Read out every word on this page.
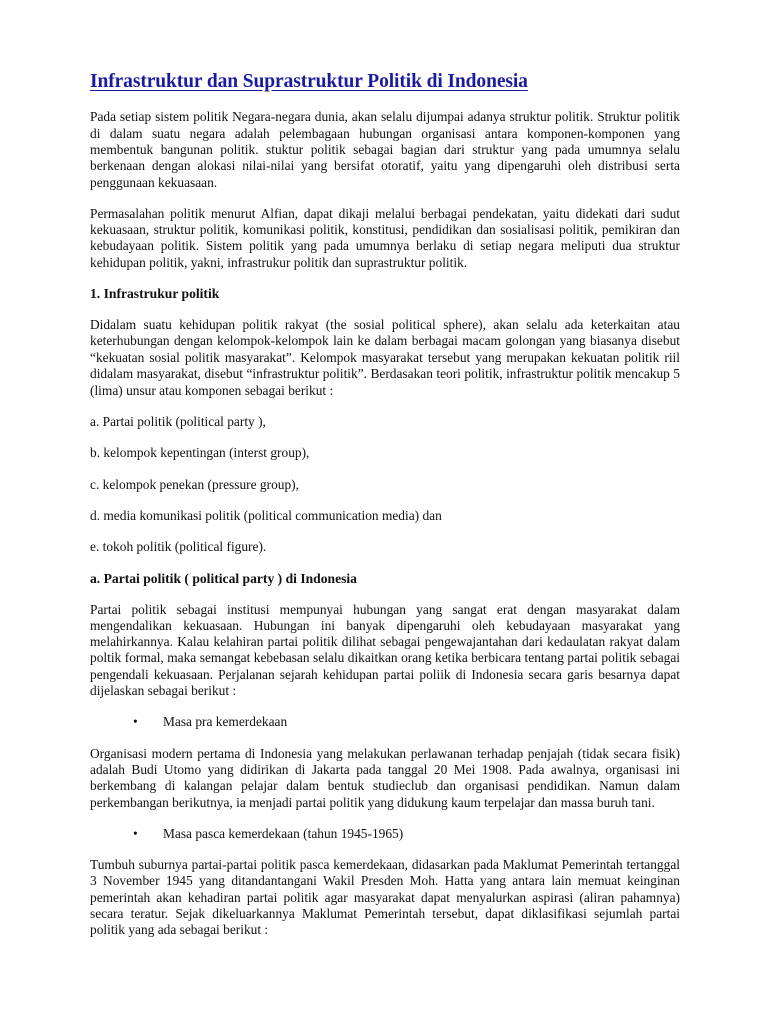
Infrastruktur dan Suprastruktur Politik di Indonesia

Pada setiap sistem politik Negara-negara dunia, akan selalu dijumpai adanya struktur politik. Struktur politik di dalam suatu negara adalah pelembagaan hubungan organisasi antara komponen-komponen yang membentuk bangunan politik. stuktur politik sebagai bagian dari struktur yang pada umumnya selalu berkenaan dengan alokasi nilai-nilai yang bersifat otoratif, yaitu yang dipengaruhi oleh distribusi serta penggunaan kekuasaan.

Permasalahan politik menurut Alfian, dapat dikaji melalui berbagai pendekatan, yaitu didekati dari sudut kekuasaan, struktur politik, komunikasi politik, konstitusi, pendidikan dan sosialisasi politik, pemikiran dan kebudayaan politik. Sistem politik yang pada umumnya berlaku di setiap negara meliputi dua struktur kehidupan politik, yakni, infrastrukur politik dan suprastruktur politik.

1. Infrastrukur politik

Didalam suatu kehidupan politik rakyat (the sosial political sphere), akan selalu ada keterkaitan atau keterhubungan dengan kelompok-kelompok lain ke dalam berbagai macam golongan yang biasanya disebut “kekuatan sosial politik masyarakat”. Kelompok masyarakat tersebut yang merupakan kekuatan politik riil didalam masyarakat, disebut “infrastruktur politik”. Berdasakan teori politik, infrastruktur politik mencakup 5 (lima) unsur atau komponen sebagai berikut :

a. Partai politik (political party ),

b. kelompok kepentingan (interst group),

c. kelompok penekan (pressure group),

d. media komunikasi politik (political communication media) dan

e. tokoh politik (political figure).

a. Partai politik ( political party ) di Indonesia

Partai politik sebagai institusi mempunyai hubungan yang sangat erat dengan masyarakat dalam mengendalikan kekuasaan. Hubungan ini banyak dipengaruhi oleh kebudayaan masyarakat yang melahirkannya. Kalau kelahiran partai politik dilihat sebagai pengewajantahan dari kedaulatan rakyat dalam poltik formal, maka semangat kebebasan selalu dikaitkan orang ketika berbicara tentang partai politik sebagai pengendali kekuasaan. Perjalanan sejarah kehidupan partai poliik di Indonesia secara garis besarnya dapat dijelaskan sebagai berikut :

• Masa pra kemerdekaan

Organisasi modern pertama di Indonesia yang melakukan perlawanan terhadap penjajah (tidak secara fisik) adalah Budi Utomo yang didirikan di Jakarta pada tanggal 20 Mei 1908. Pada awalnya, organisasi ini berkembang di kalangan pelajar dalam bentuk studieclub dan organisasi pendidikan. Namun dalam perkembangan berikutnya, ia menjadi partai politik yang didukung kaum terpelajar dan massa buruh tani.

• Masa pasca kemerdekaan (tahun 1945-1965)

Tumbuh suburnya partai-partai politik pasca kemerdekaan, didasarkan pada Maklumat Pemerintah tertanggal 3 November 1945 yang ditandantangani Wakil Presden Moh. Hatta yang antara lain memuat keinginan pemerintah akan kehadiran partai politik agar masyarakat dapat menyalurkan aspirasi (aliran pahamnya) secara teratur. Sejak dikeluarkannya Maklumat Pemerintah tersebut, dapat diklasifikasi sejumlah partai politik yang ada sebagai berikut :
